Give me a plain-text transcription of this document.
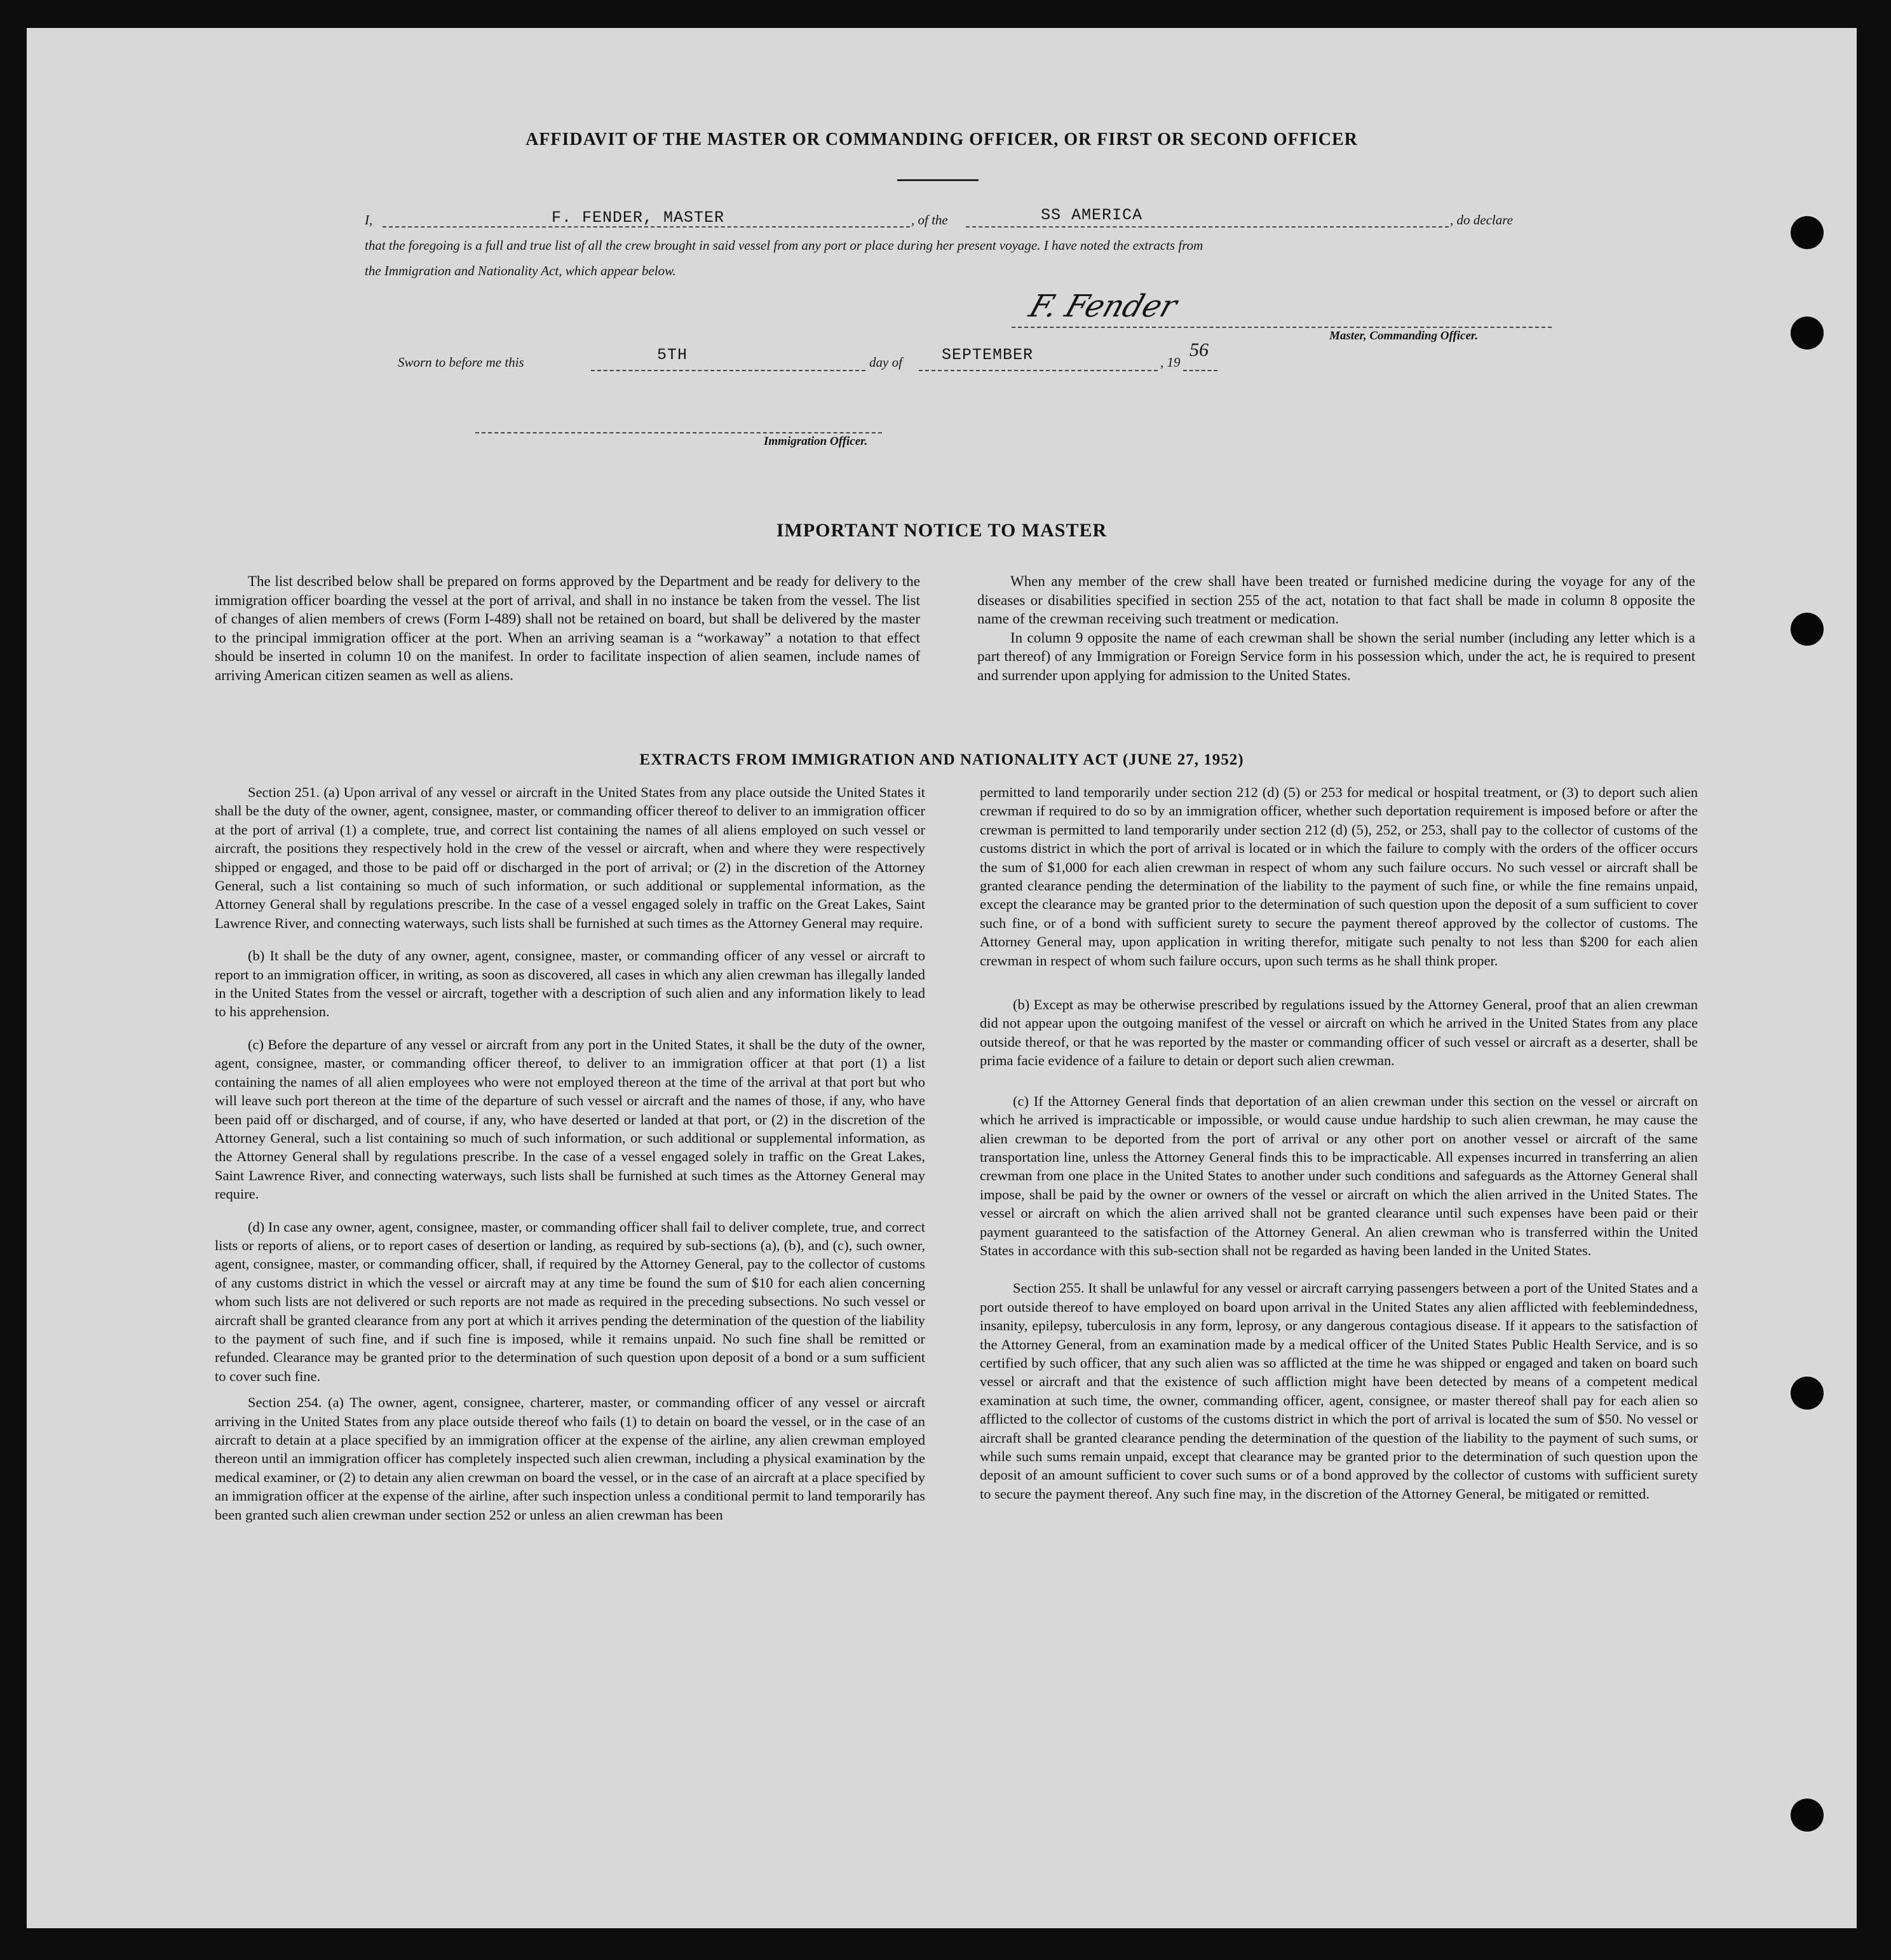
AFFIDAVIT OF THE MASTER OR COMMANDING OFFICER, OR FIRST OR SECOND OFFICER
I,	F. FENDER, MASTER	, of the	SS AMERICA	, do declare
that the foregoing is a full and true list of all the crew brought in said vessel from any port or place during her present voyage. I have noted the extracts from
the Immigration and Nationality Act, which appear below.
F. Fender
Master, Commanding Officer.
Sworn to before me this	5TH	day of SEPTEMBER	, 19
56
Immigration Officer.
IMPORTANT NOTICE TO MASTER

The list described below shall be prepared on forms approved by the Department and be ready for delivery to the immigration officer boarding the vessel at the port of arrival, and shall in no instance be taken from the vessel. The list of changes of alien members of crews (Form I-489) shall not be retained on board, but shall be delivered by the master to the principal immigration officer at the port. When an arriving seaman is a “workaway” a notation to that effect should be inserted in column 10 on the manifest. In order to facilitate inspection of alien seamen, include names of arriving American citizen seamen as well as aliens.

When any member of the crew shall have been treated or furnished medicine during the voyage for any of the diseases or disabilities specified in section 255 of the act, notation to that fact shall be made in column 8 opposite the name of the crewman receiving such treatment or medication.

In column 9 opposite the name of each crewman shall be shown the serial number (including any letter which is a part thereof) of any Immigration or Foreign Service form in his possession which, under the act, he is required to present and surrender upon applying for admission to the United States.

EXTRACTS FROM IMMIGRATION AND NATIONALITY ACT (JUNE 27, 1952)

Section 251. (a) Upon arrival of any vessel or aircraft in the United States from any place outside the United States it shall be the duty of the owner, agent, consignee, master, or commanding officer thereof to deliver to an immigration officer at the port of arrival (1) a complete, true, and correct list containing the names of all aliens employed on such vessel or aircraft, the positions they respectively hold in the crew of the vessel or aircraft, when and where they were respectively shipped or engaged, and those to be paid off or discharged in the port of arrival; or (2) in the discretion of the Attorney General, such a list containing so much of such information, or such additional or supplemental information, as the Attorney General shall by regulations prescribe. In the case of a vessel engaged solely in traffic on the Great Lakes, Saint Lawrence River, and connecting waterways, such lists shall be furnished at such times as the Attorney General may require.

(b) It shall be the duty of any owner, agent, consignee, master, or commanding officer of any vessel or aircraft to report to an immigration officer, in writing, as soon as discovered, all cases in which any alien crewman has illegally landed in the United States from the vessel or aircraft, together with a description of such alien and any information likely to lead to his apprehension.

(c) Before the departure of any vessel or aircraft from any port in the United States, it shall be the duty of the owner, agent, consignee, master, or commanding officer thereof, to deliver to an immigration officer at that port (1) a list containing the names of all alien employees who were not employed thereon at the time of the arrival at that port but who will leave such port thereon at the time of the departure of such vessel or aircraft and the names of those, if any, who have been paid off or discharged, and of course, if any, who have deserted or landed at that port, or (2) in the discretion of the Attorney General, such a list containing so much of such information, or such additional or supplemental information, as the Attorney General shall by regulations prescribe. In the case of a vessel engaged solely in traffic on the Great Lakes, Saint Lawrence River, and connecting waterways, such lists shall be furnished at such times as the Attorney General may require.

(d) In case any owner, agent, consignee, master, or commanding officer shall fail to deliver complete, true, and correct lists or reports of aliens, or to report cases of desertion or landing, as required by sub-sections (a), (b), and (c), such owner, agent, consignee, master, or commanding officer, shall, if required by the Attorney General, pay to the collector of customs of any customs district in which the vessel or aircraft may at any time be found the sum of $10 for each alien concerning whom such lists are not delivered or such reports are not made as required in the preceding subsections. No such vessel or aircraft shall be granted clearance from any port at which it arrives pending the determination of the question of the liability to the payment of such fine, and if such fine is imposed, while it remains unpaid. No such fine shall be remitted or refunded. Clearance may be granted prior to the determination of such question upon deposit of a bond or a sum sufficient to cover such fine.

Section 254. (a) The owner, agent, consignee, charterer, master, or commanding officer of any vessel or aircraft arriving in the United States from any place outside thereof who fails (1) to detain on board the vessel, or in the case of an aircraft to detain at a place specified by an immigration officer at the expense of the airline, any alien crewman employed thereon until an immigration officer has completely inspected such alien crewman, including a physical examination by the medical examiner, or (2) to detain any alien crewman on board the vessel, or in the case of an aircraft at a place specified by an immigration officer at the expense of the airline, after such inspection unless a conditional permit to land temporarily has been granted such alien crewman under section 252 or unless an alien crewman has been

permitted to land temporarily under section 212 (d) (5) or 253 for medical or hospital treatment, or (3) to deport such alien crewman if required to do so by an immigration officer, whether such deportation requirement is imposed before or after the crewman is permitted to land temporarily under section 212 (d) (5), 252, or 253, shall pay to the collector of customs of the customs district in which the port of arrival is located or in which the failure to comply with the orders of the officer occurs the sum of $1,000 for each alien crewman in respect of whom any such failure occurs. No such vessel or aircraft shall be granted clearance pending the determination of the liability to the payment of such fine, or while the fine remains unpaid, except the clearance may be granted prior to the determination of such question upon the deposit of a sum sufficient to cover such fine, or of a bond with sufficient surety to secure the payment thereof approved by the collector of customs. The Attorney General may, upon application in writing therefor, mitigate such penalty to not less than $200 for each alien crewman in respect of whom such failure occurs, upon such terms as he shall think proper.

(b) Except as may be otherwise prescribed by regulations issued by the Attorney General, proof that an alien crewman did not appear upon the outgoing manifest of the vessel or aircraft on which he arrived in the United States from any place outside thereof, or that he was reported by the master or commanding officer of such vessel or aircraft as a deserter, shall be prima facie evidence of a failure to detain or deport such alien crewman.

(c) If the Attorney General finds that deportation of an alien crewman under this section on the vessel or aircraft on which he arrived is impracticable or impossible, or would cause undue hardship to such alien crewman, he may cause the alien crewman to be deported from the port of arrival or any other port on another vessel or aircraft of the same transportation line, unless the Attorney General finds this to be impracticable. All expenses incurred in transferring an alien crewman from one place in the United States to another under such conditions and safeguards as the Attorney General shall impose, shall be paid by the owner or owners of the vessel or aircraft on which the alien arrived in the United States. The vessel or aircraft on which the alien arrived shall not be granted clearance until such expenses have been paid or their payment guaranteed to the satisfaction of the Attorney General. An alien crewman who is transferred within the United States in accordance with this sub-section shall not be regarded as having been landed in the United States.

Section 255. It shall be unlawful for any vessel or aircraft carrying passengers between a port of the United States and a port outside thereof to have employed on board upon arrival in the United States any alien afflicted with feeblemindedness, insanity, epilepsy, tuberculosis in any form, leprosy, or any dangerous contagious disease. If it appears to the satisfaction of the Attorney General, from an examination made by a medical officer of the United States Public Health Service, and is so certified by such officer, that any such alien was so afflicted at the time he was shipped or engaged and taken on board such vessel or aircraft and that the existence of such affliction might have been detected by means of a competent medical examination at such time, the owner, commanding officer, agent, consignee, or master thereof shall pay for each alien so afflicted to the collector of customs of the customs district in which the port of arrival is located the sum of $50. No vessel or aircraft shall be granted clearance pending the determination of the question of the liability to the payment of such sums, or while such sums remain unpaid, except that clearance may be granted prior to the determination of such question upon the deposit of an amount sufficient to cover such sums or of a bond approved by the collector of customs with sufficient surety to secure the payment thereof. Any such fine may, in the discretion of the Attorney General, be mitigated or remitted.
